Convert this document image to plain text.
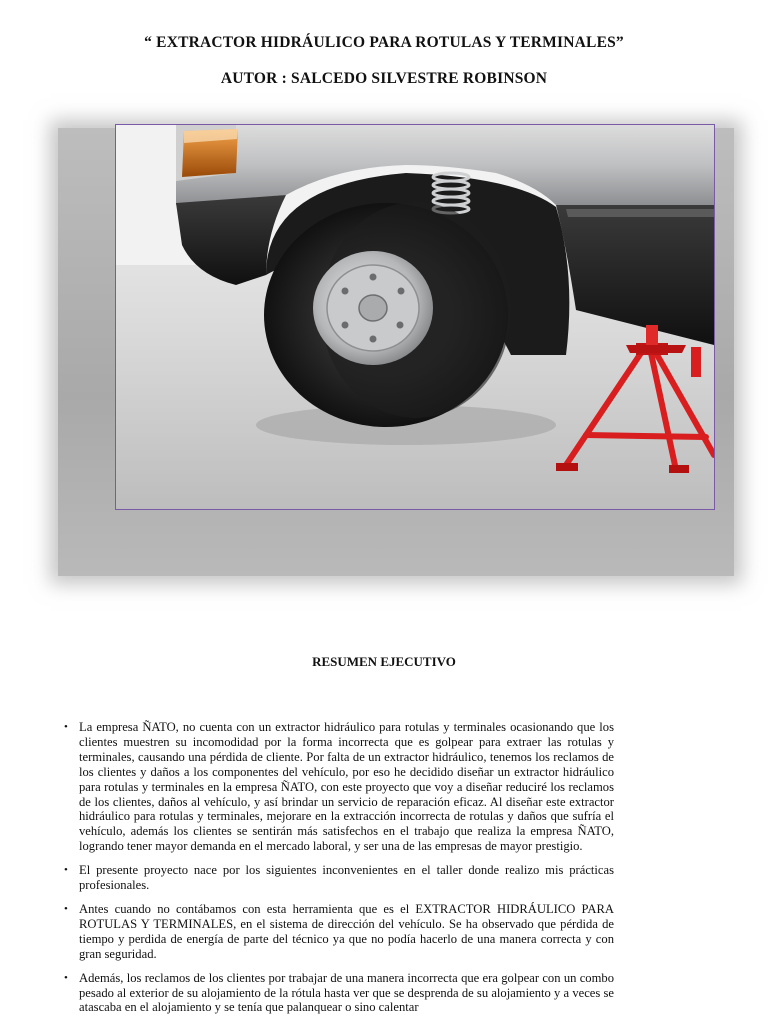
“ EXTRACTOR HIDRÁULICO PARA ROTULAS Y TERMINALES”
AUTOR : SALCEDO SILVESTRE ROBINSON
RESUMEN EJECUTIVO
• La empresa ÑATO, no cuenta con un extractor hidráulico para rotulas y terminales ocasionando que los clientes muestren su incomodidad por la forma incorrecta que es golpear para extraer las rotulas y terminales, causando una pérdida de cliente. Por falta de un extractor hidráulico, tenemos los reclamos de los clientes y daños a los componentes del vehículo, por eso he decidido diseñar un extractor hidráulico para rotulas y terminales en la empresa ÑATO, con este proyecto que voy a diseñar reduciré los reclamos de los clientes, daños al vehículo, y así brindar un servicio de reparación eficaz. Al diseñar este extractor hidráulico para rotulas y terminales, mejorare en la extracción incorrecta de rotulas y daños que sufría el vehículo, además los clientes se sentirán más satisfechos en el trabajo que realiza la empresa ÑATO, logrando tener mayor demanda en el mercado laboral, y ser una de las empresas de mayor prestigio.
• El presente proyecto nace por los siguientes inconvenientes en el taller donde realizo mis prácticas profesionales.
• Antes cuando no contábamos con esta herramienta que es el EXTRACTOR HIDRÁULICO PARA ROTULAS Y TERMINALES, en el sistema de dirección del vehículo. Se ha observado que pérdida de tiempo y perdida de energía de parte del técnico ya que no podía hacerlo de una manera correcta y con gran seguridad.
• Además, los reclamos de los clientes por trabajar de una manera incorrecta que era golpear con un combo pesado al exterior de su alojamiento de la rótula hasta ver que se desprenda de su alojamiento y a veces se atascaba en el alojamiento y se tenía que palanquear o sino calentar
